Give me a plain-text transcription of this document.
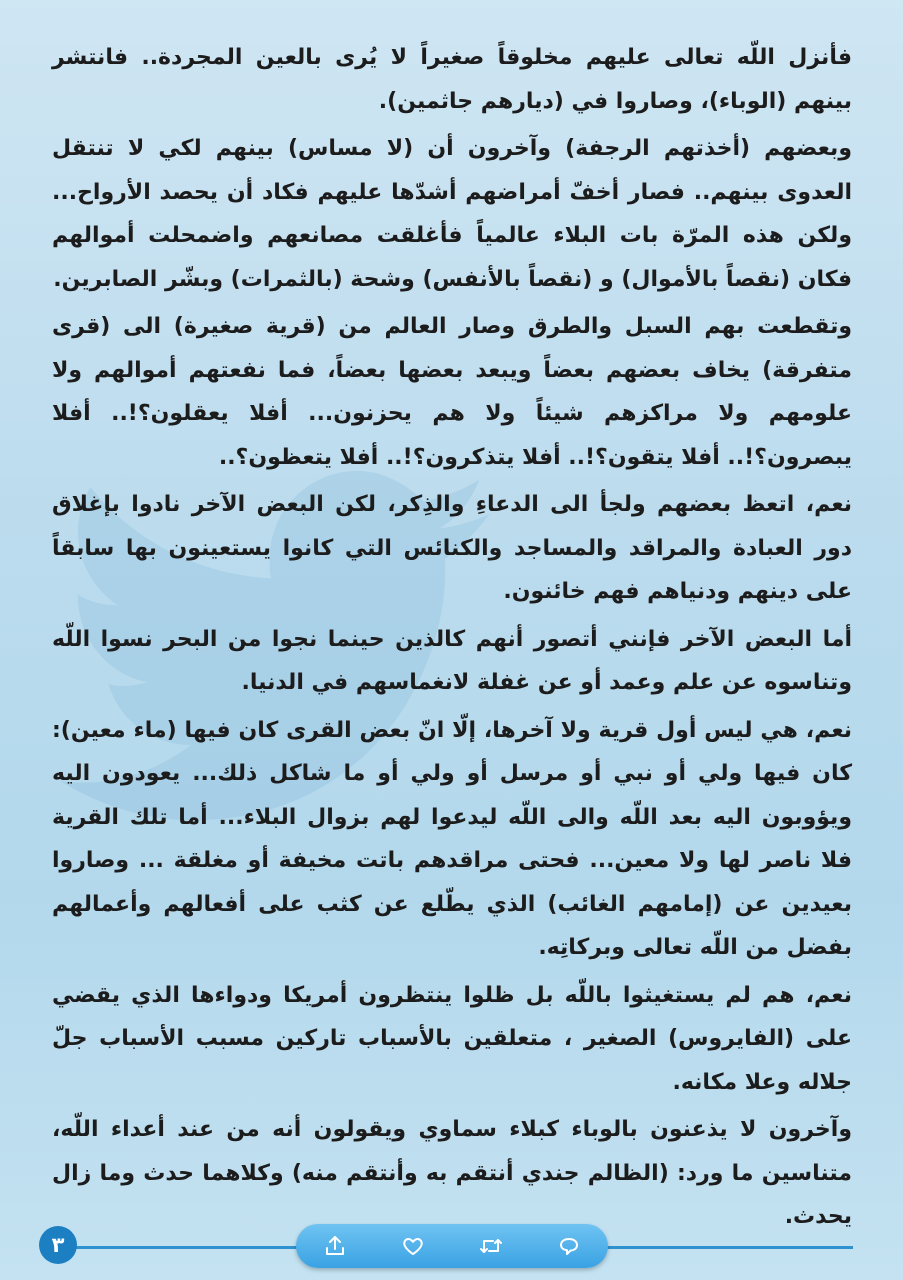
فأنزل اللّه تعالى عليهم مخلوقاً صغيراً لا يُرى بالعين المجردة.. فانتشر بينهم (الوباء)، وصاروا في (ديارهم جاثمين).

وبعضهم (أخذتهم الرجفة) وآخرون أن (لا مساس) بينهم لكي لا تنتقل العدوى بينهم.. فصار أخفّ أمراضهم أشدّها عليهم فكاد أن يحصد الأرواح... ولكن هذه المرّة بات البلاء عالمياً فأغلقت مصانعهم واضمحلت أموالهم فكان (نقصاً بالأموال) و (نقصاً بالأنفس) وشحة (بالثمرات) وبشّر الصابرين.

وتقطعت بهم السبل والطرق وصار العالم من (قرية صغيرة) الى (قرى متفرقة) يخاف بعضهم بعضاً ويبعد بعضها بعضاً، فما نفعتهم أموالهم ولا علومهم ولا مراكزهم شيئاً ولا هم يحزنون... أفلا يعقلون؟!.. أفلا يبصرون؟!.. أفلا يتقون؟!.. أفلا يتذكرون؟!.. أفلا يتعظون؟..

نعم، اتعظ بعضهم ولجأ الى الدعاءِ والذِكر، لكن البعض الآخر نادوا بإغلاق دور العبادة والمراقد والمساجد والكنائس التي كانوا يستعينون بها سابقاً على دينهم ودنياهم فهم خائنون.

أما البعض الآخر فإنني أتصور أنهم كالذين حينما نجوا من البحر نسوا اللّه وتناسوه عن علم وعمد أو عن غفلة لانغماسهم في الدنيا.

نعم، هي ليس أول قرية ولا آخرها، إلّا انّ بعض القرى كان فيها (ماء معين): كان فيها ولي أو نبي أو مرسل أو ولي أو ما شاكل ذلك... يعودون اليه ويؤوبون اليه بعد اللّه والى اللّه ليدعوا لهم بزوال البلاء... أما تلك القرية فلا ناصر لها ولا معين... فحتى مراقدهم باتت مخيفة أو مغلقة ... وصاروا بعيدين عن (إمامهم الغائب) الذي يطّلع عن كثب على أفعالهم وأعمالهم بفضل من اللّه تعالى وبركاتِه.

نعم، هم لم يستغيثوا باللّه بل ظلوا ينتظرون أمريكا ودواءها الذي يقضي على (الفايروس) الصغير ، متعلقين بالأسباب تاركين مسبب الأسباب جلّ جلاله وعلا مكانه.

وآخرون لا يذعنون بالوباء كبلاء سماوي ويقولون أنه من عند أعداء اللّه، متناسين ما ورد: (الظالم جندي أنتقم به وأنتقم منه) وكلاهما حدث وما زال يحدث.

٣
